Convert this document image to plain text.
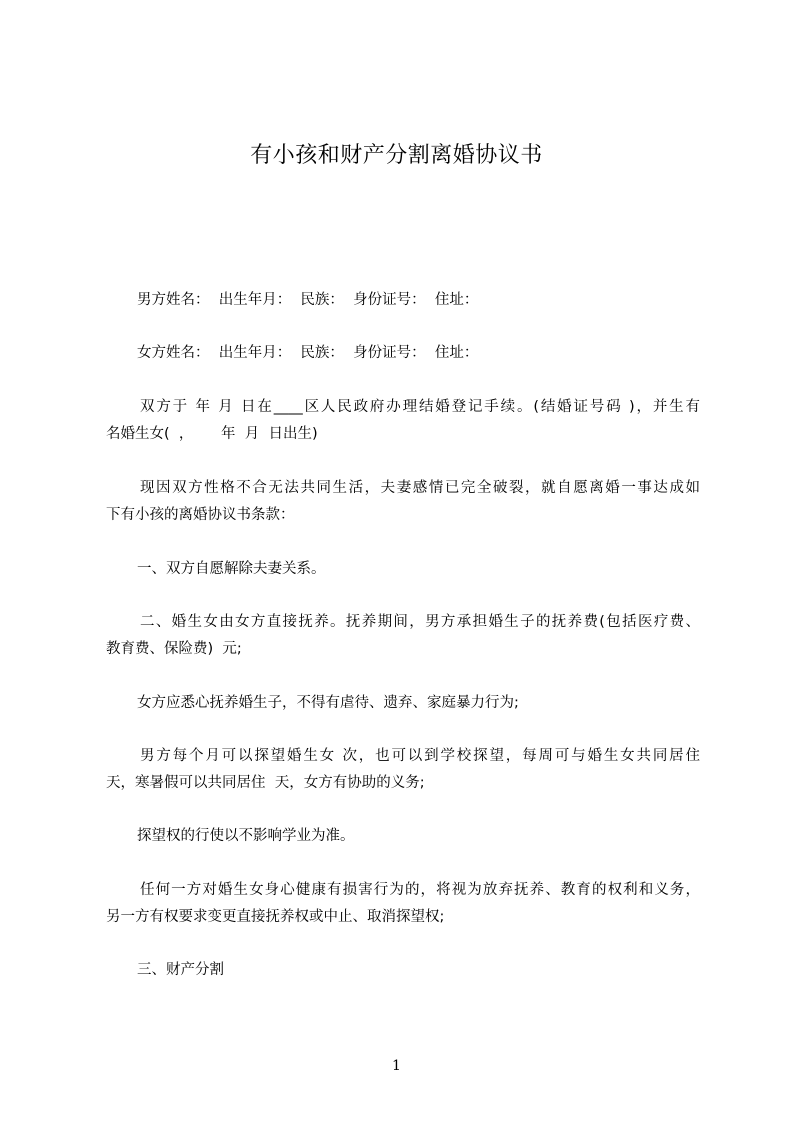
有小孩和财产分割离婚协议书
男方姓名：  出生年月：  民族：  身份证号：  住址：
女方姓名：  出生年月：  民族：  身份证号：  住址：
双方于 年 月 日在____区人民政府办理结婚登记手续。(结婚证号码 )，并生有
名婚生女(  ，      年  月  日出生)
现因双方性格不合无法共同生活，夫妻感情已完全破裂，就自愿离婚一事达成如
下有小孩的离婚协议书条款：
一、双方自愿解除夫妻关系。
二、婚生女由女方直接抚养。抚养期间，男方承担婚生子的抚养费(包括医疗费、
教育费、保险费)  元;
女方应悉心抚养婚生子，不得有虐待、遗弃、家庭暴力行为;
男方每个月可以探望婚生女 次，也可以到学校探望，每周可与婚生女共同居住
天，寒暑假可以共同居住  天，女方有协助的义务;
探望权的行使以不影响学业为准。
任何一方对婚生女身心健康有损害行为的，将视为放弃抚养、教育的权利和义务，
另一方有权要求变更直接抚养权或中止、取消探望权;
三、财产分割
1
